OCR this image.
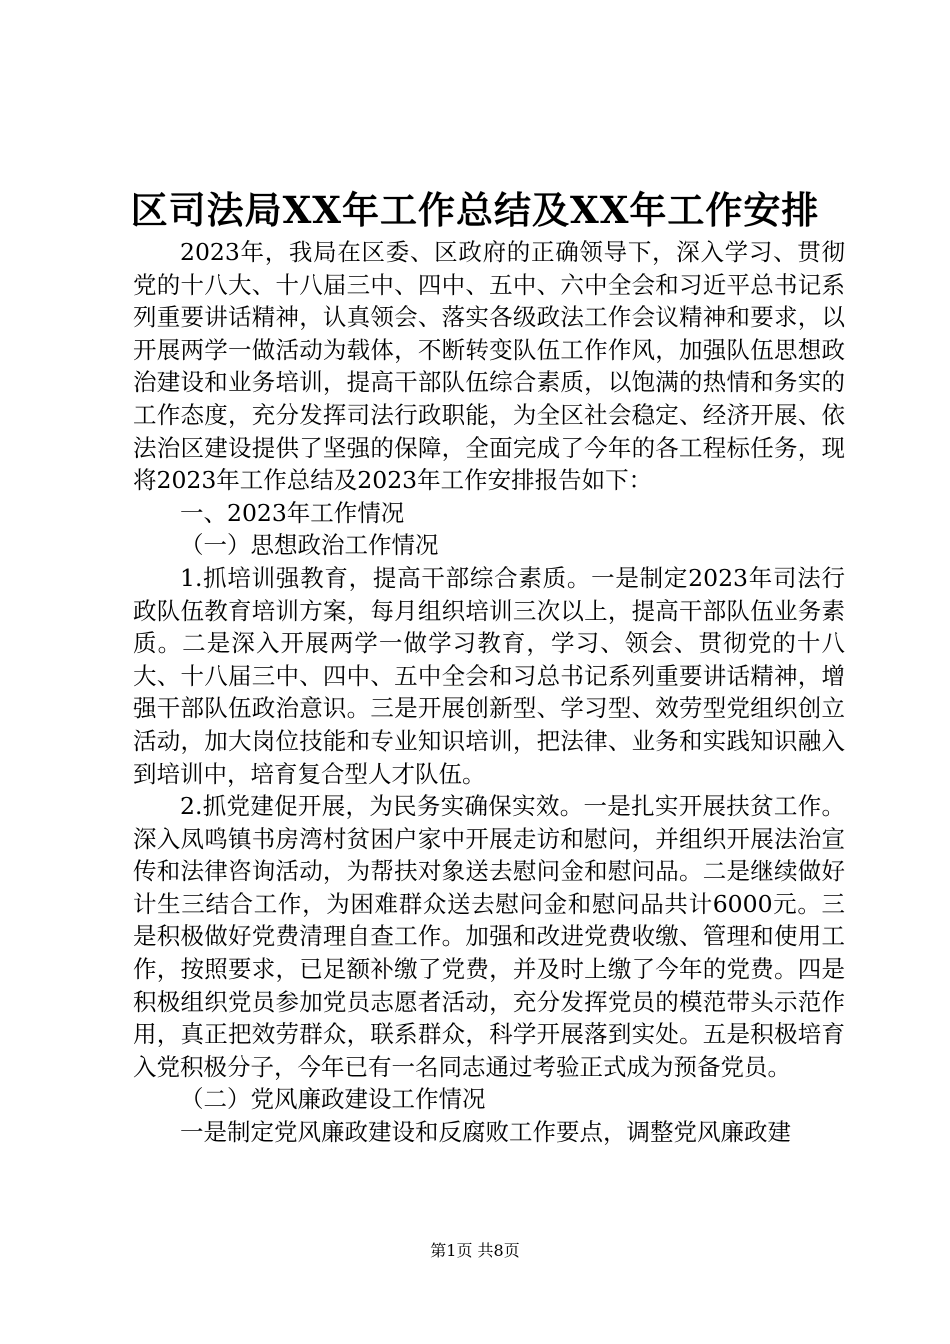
区司法局XX年工作总结及XX年工作安排

2023年，我局在区委、区政府的正确领导下，深入学习、贯彻党的十八大、十八届三中、四中、五中、六中全会和习近平总书记系列重要讲话精神，认真领会、落实各级政法工作会议精神和要求，以开展两学一做活动为载体，不断转变队伍工作作风，加强队伍思想政治建设和业务培训，提高干部队伍综合素质，以饱满的热情和务实的工作态度，充分发挥司法行政职能，为全区社会稳定、经济开展、依法治区建设提供了坚强的保障，全面完成了今年的各工程标任务，现将2023年工作总结及2023年工作安排报告如下：

一、2023年工作情况

（一）思想政治工作情况

1.抓培训强教育，提高干部综合素质。一是制定2023年司法行政队伍教育培训方案，每月组织培训三次以上，提高干部队伍业务素质。二是深入开展两学一做学习教育，学习、领会、贯彻党的十八大、十八届三中、四中、五中全会和习总书记系列重要讲话精神，增强干部队伍政治意识。三是开展创新型、学习型、效劳型党组织创立活动，加大岗位技能和专业知识培训，把法律、业务和实践知识融入到培训中，培育复合型人才队伍。

2.抓党建促开展，为民务实确保实效。一是扎实开展扶贫工作。深入凤鸣镇书房湾村贫困户家中开展走访和慰问，并组织开展法治宣传和法律咨询活动，为帮扶对象送去慰问金和慰问品。二是继续做好计生三结合工作，为困难群众送去慰问金和慰问品共计6000元。三是积极做好党费清理自查工作。加强和改进党费收缴、管理和使用工作，按照要求，已足额补缴了党费，并及时上缴了今年的党费。四是积极组织党员参加党员志愿者活动，充分发挥党员的模范带头示范作用，真正把效劳群众，联系群众，科学开展落到实处。五是积极培育入党积极分子，今年已有一名同志通过考验正式成为预备党员。

（二）党风廉政建设工作情况

一是制定党风廉政建设和反腐败工作要点，调整党风廉政建

第1页 共8页
